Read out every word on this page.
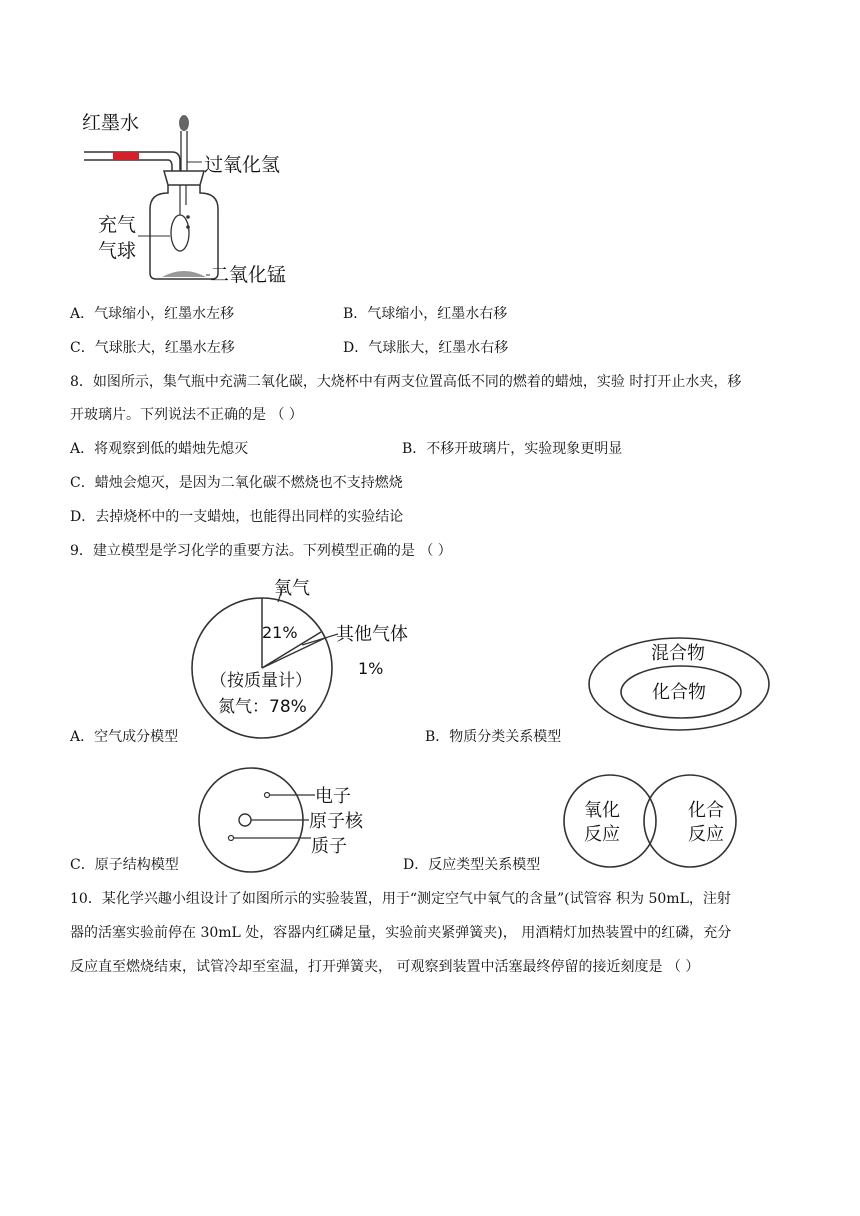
红墨水
过氧化氢
充气
气球
二氧化锰
A．气球缩小，红墨水左移	B．气球缩小，红墨水右移
C．气球胀大，红墨水左移	D．气球胀大，红墨水右移
8．如图所示，集气瓶中充满二氧化碳，大烧杯中有两支位置高低不同的燃着的蜡烛，实验 时打开止水夹，移
开玻璃片。下列说法不正确的是 （ ）
A．将观察到低的蜡烛先熄灭	B．不移开玻璃片，实验现象更明显
C．蜡烛会熄灭，是因为二氧化碳不燃烧也不支持燃烧
D．去掉烧杯中的一支蜡烛，也能得出同样的实验结论
9．建立模型是学习化学的重要方法。下列模型正确的是 （ ）
氧气
21% 其他气体
1%
（按质量计）
氮气：78%
A．空气成分模型
混合物
化合物
B．物质分类关系模型
电子
原子核
质子
C．原子结构模型
氧化
反应
化合
反应
D．反应类型关系模型
10．某化学兴趣小组设计了如图所示的实验装置，用于“测定空气中氧气的含量”(试管容 积为 50mL，注射
器的活塞实验前停在 30mL 处，容器内红磷足量，实验前夹紧弹簧夹)， 用酒精灯加热装置中的红磷，充分
反应直至燃烧结束，试管冷却至室温，打开弹簧夹， 可观察到装置中活塞最终停留的接近刻度是 （ ）
